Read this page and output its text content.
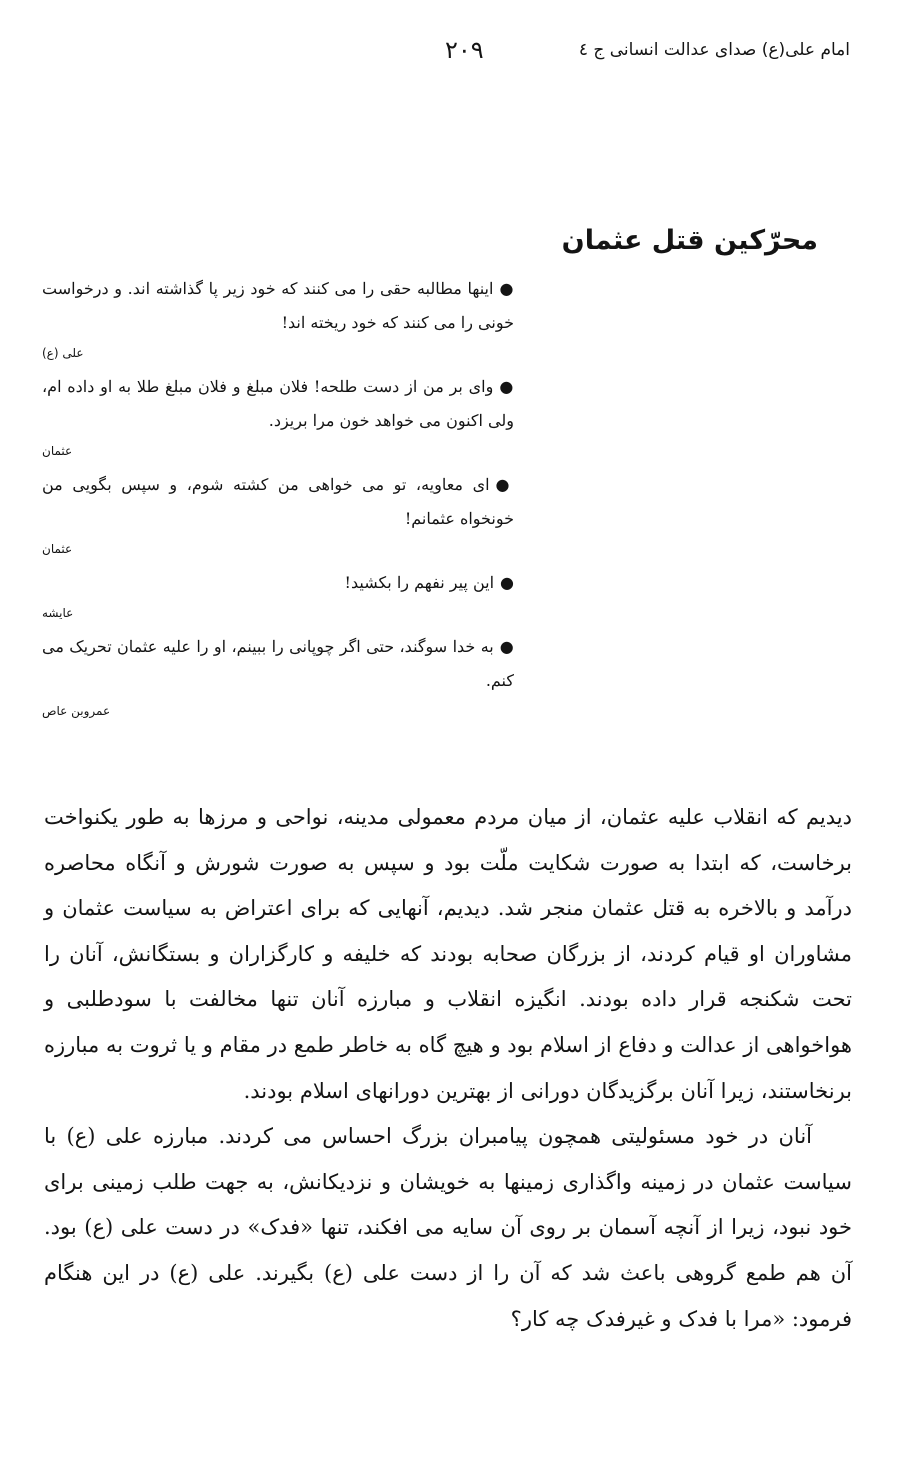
امام علی(ع) صدای عدالت انسانی ج ٤
٢٠٩
محرّکین قتل عثمان
●اینها مطالبه حقی را می کنند که خود زیر پا گذاشته اند. و درخواست خونی را می کنند که خود ریخته اند!
علی (ع)
●وای بر من از دست طلحه! فلان مبلغ و فلان مبلغ طلا به او داده ام، ولی اکنون می خواهد خون مرا بریزد.
عثمان
●ای معاویه، تو می خواهی من کشته شوم، و سپس بگویی من خونخواه عثمانم!
عثمان
●این پیر نفهم را بکشید!
عایشه
●به خدا سوگند، حتی اگر چوپانی را ببینم، او را علیه عثمان تحریک می کنم.
عمروبن عاص

دیدیم که انقلاب علیه عثمان، از میان مردم معمولی مدینه، نواحی و مرزها به طور یکنواخت برخاست، که ابتدا به صورت شکایت ملّت بود و سپس به صورت شورش و آنگاه محاصره درآمد و بالاخره به قتل عثمان منجر شد. دیدیم، آنهایی که برای اعتراض به سیاست عثمان و مشاوران او قیام کردند، از بزرگان صحابه بودند که خلیفه و کارگزاران و بستگانش، آنان را تحت شکنجه قرار داده بودند. انگیزه انقلاب و مبارزه آنان تنها مخالفت با سودطلبی و هواخواهی از عدالت و دفاع از اسلام بود و هیچ گاه به خاطر طمع در مقام و یا ثروت به مبارزه برنخاستند، زیرا آنان برگزیدگان دورانی از بهترین دورانهای اسلام بودند.

آنان در خود مسئولیتی همچون پیامبران بزرگ احساس می کردند. مبارزه علی (ع) با سیاست عثمان در زمینه واگذاری زمینها به خویشان و نزدیکانش، به جهت طلب زمینی برای خود نبود، زیرا از آنچه آسمان بر روی آن سایه می افکند، تنها «فدک» در دست علی (ع) بود. آن هم طمع گروهی باعث شد که آن را از دست علی (ع) بگیرند. علی (ع) در این هنگام فرمود: «مرا با فدک و غیرفدک چه کار؟
